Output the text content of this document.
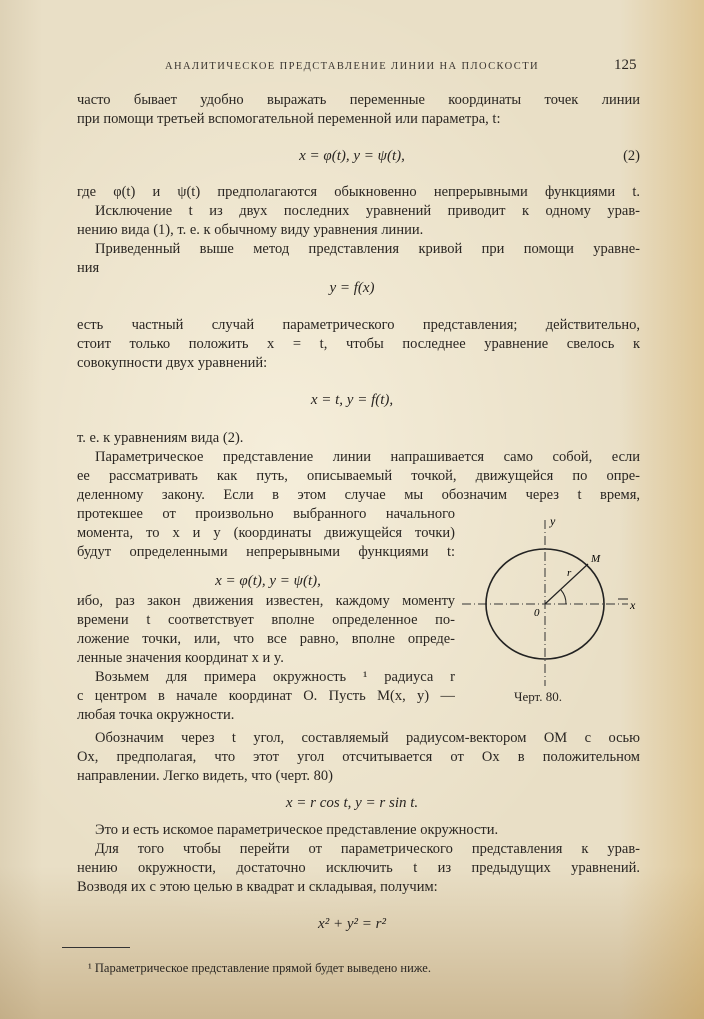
АНАЛИТИЧЕСКОЕ ПРЕДСТАВЛЕНИЕ ЛИНИИ НА ПЛОСКОСТИ	125
часто бывает удобно выражать переменные координаты точек линии
при помощи третьей вспомогательной переменной или параметра, t:
где φ(t) и ψ(t) предполагаются обыкновенно непрерывными функциями t.
Исключение t из двух последних уравнений приводит к одному урав-
нению вида (1), т. е. к обычному виду уравнения линии.
Приведенный выше метод представления кривой при помощи уравне-
ния
есть частный случай параметрического представления; действительно,
стоит только положить x = t, чтобы последнее уравнение свелось к
совокупности двух уравнений:
т. е. к уравнениям вида (2).
Параметрическое представление линии напрашивается само собой, если
ее рассматривать как путь, описываемый точкой, движущейся по опре-
деленному закону. Если в этом случае мы обозначим через t время,
протекшее от произвольно выбранного начального
момента, то x и y (координаты движущейся точки)
будут определенными непрерывными функциями t:
ибо, раз закон движения известен, каждому моменту
времени t соответствует вполне определенное по-
ложение точки, или, что все равно, вполне опреде-
ленные значения координат x и y.
Возьмем для примера окружность ¹ радиуса r
с центром в начале координат O. Пусть M(x, y) —
любая точка окружности.
Обозначим через t угол, составляемый радиусом-вектором OM с осью
Ox, предполагая, что этот угол отсчитывается от Ox в положительном
направлении. Легко видеть, что (черт. 80)
Это и есть искомое параметрическое представление окружности.
Для того чтобы перейти от параметрического представления к урав-
нению окружности, достаточно исключить t из предыдущих уравнений.
Возводя их с этою целью в квадрат и складывая, получим:
x = φ(t), y = ψ(t),
y = f(x)
x = t, y = f(t),
x = φ(t), y = ψ(t),
x = r cos t, y = r sin t.
x² + y² = r²
(2)
y
x
0
M
r
Черт. 80.
¹ Параметрическое представление прямой будет выведено ниже.
